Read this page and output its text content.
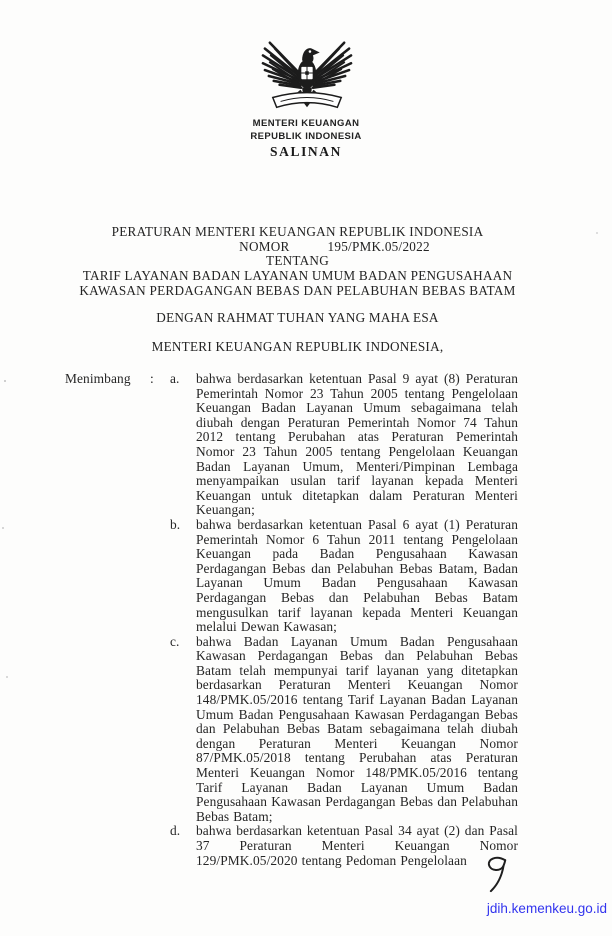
MENTERI KEUANGAN
REPUBLIK INDONESIA
SALINAN
PERATURAN MENTERI KEUANGAN REPUBLIK INDONESIA
NOMOR	195/PMK.05/2022
TENTANG
TARIF LAYANAN BADAN LAYANAN UMUM BADAN PENGUSAHAAN
KAWASAN PERDAGANGAN BEBAS DAN PELABUHAN BEBAS BATAM
DENGAN RAHMAT TUHAN YANG MAHA ESA
MENTERI KEUANGAN REPUBLIK INDONESIA,
Menimbang	:	a.	bahwa berdasarkan ketentuan Pasal 9 ayat (8) Peraturan Pemerintah Nomor 23 Tahun 2005 tentang Pengelolaan Keuangan Badan Layanan Umum sebagaimana telah diubah dengan Peraturan Pemerintah Nomor 74 Tahun 2012 tentang Perubahan atas Peraturan Pemerintah Nomor 23 Tahun 2005 tentang Pengelolaan Keuangan Badan Layanan Umum, Menteri/Pimpinan Lembaga menyampaikan usulan tarif layanan kepada Menteri Keuangan untuk ditetapkan dalam Peraturan Menteri Keuangan;
b.	bahwa berdasarkan ketentuan Pasal 6 ayat (1) Peraturan Pemerintah Nomor 6 Tahun 2011 tentang Pengelolaan Keuangan pada Badan Pengusahaan Kawasan Perdagangan Bebas dan Pelabuhan Bebas Batam, Badan Layanan Umum Badan Pengusahaan Kawasan Perdagangan Bebas dan Pelabuhan Bebas Batam mengusulkan tarif layanan kepada Menteri Keuangan melalui Dewan Kawasan;
c.	bahwa Badan Layanan Umum Badan Pengusahaan Kawasan Perdagangan Bebas dan Pelabuhan Bebas Batam telah mempunyai tarif layanan yang ditetapkan berdasarkan Peraturan Menteri Keuangan Nomor 148/PMK.05/2016 tentang Tarif Layanan Badan Layanan Umum Badan Pengusahaan Kawasan Perdagangan Bebas dan Pelabuhan Bebas Batam sebagaimana telah diubah dengan Peraturan Menteri Keuangan Nomor 87/PMK.05/2018 tentang Perubahan atas Peraturan Menteri Keuangan Nomor 148/PMK.05/2016 tentang Tarif Layanan Badan Layanan Umum Badan Pengusahaan Kawasan Perdagangan Bebas dan Pelabuhan Bebas Batam;
d.	bahwa berdasarkan ketentuan Pasal 34 ayat (2) dan Pasal 37 Peraturan Menteri Keuangan Nomor 129/PMK.05/2020 tentang Pedoman Pengelolaan
jdih.kemenkeu.go.id
